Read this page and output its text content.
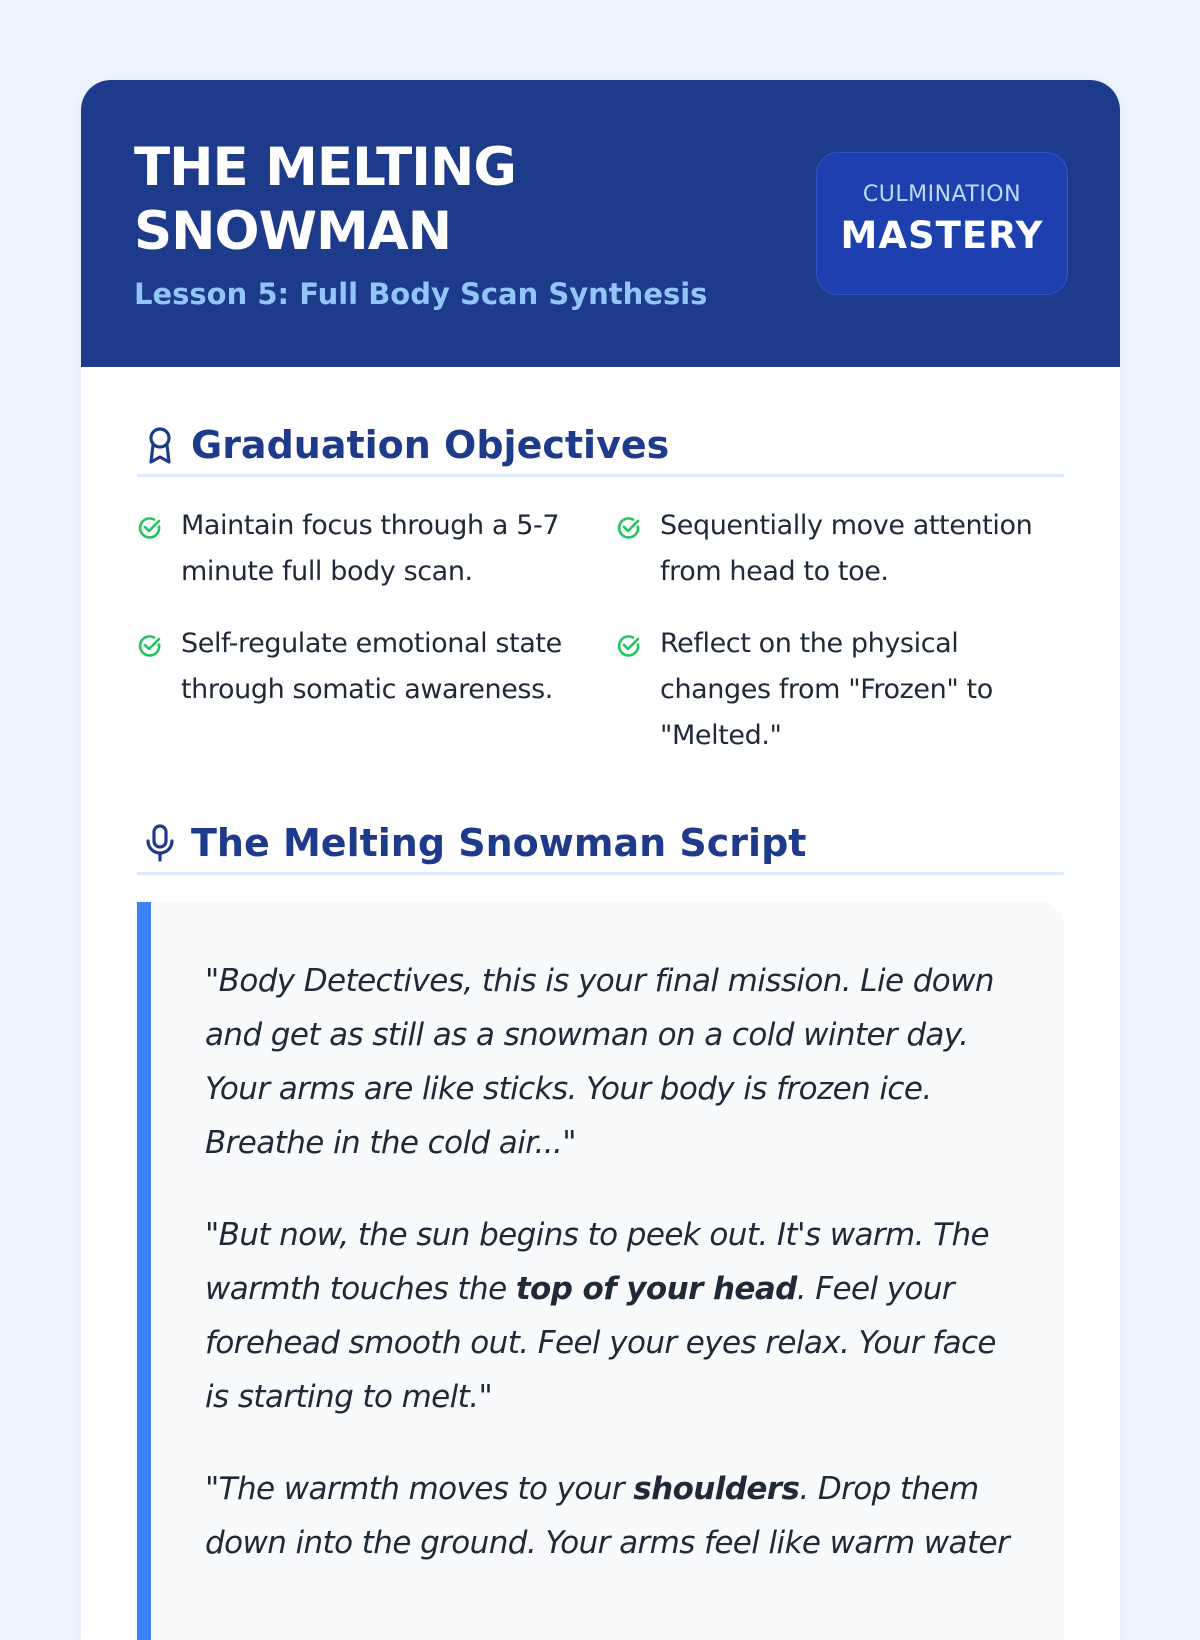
THE MELTING
SNOWMAN
Lesson 5: Full Body Scan Synthesis
CULMINATION
MASTERY
Graduation Objectives
Maintain focus through a 5-7 minute full body scan.
Sequentially move attention from head to toe.
Self-regulate emotional state through somatic awareness.
Reflect on the physical changes from "Frozen" to "Melted."
The Melting Snowman Script

"Body Detectives, this is your final mission. Lie down and get as still as a snowman on a cold winter day. Your arms are like sticks. Your body is frozen ice. Breathe in the cold air..."

"But now, the sun begins to peek out. It's warm. The warmth touches the top of your head. Feel your forehead smooth out. Feel your eyes relax. Your face is starting to melt."

"The warmth moves to your shoulders. Drop them down into the ground. Your arms feel like warm water
